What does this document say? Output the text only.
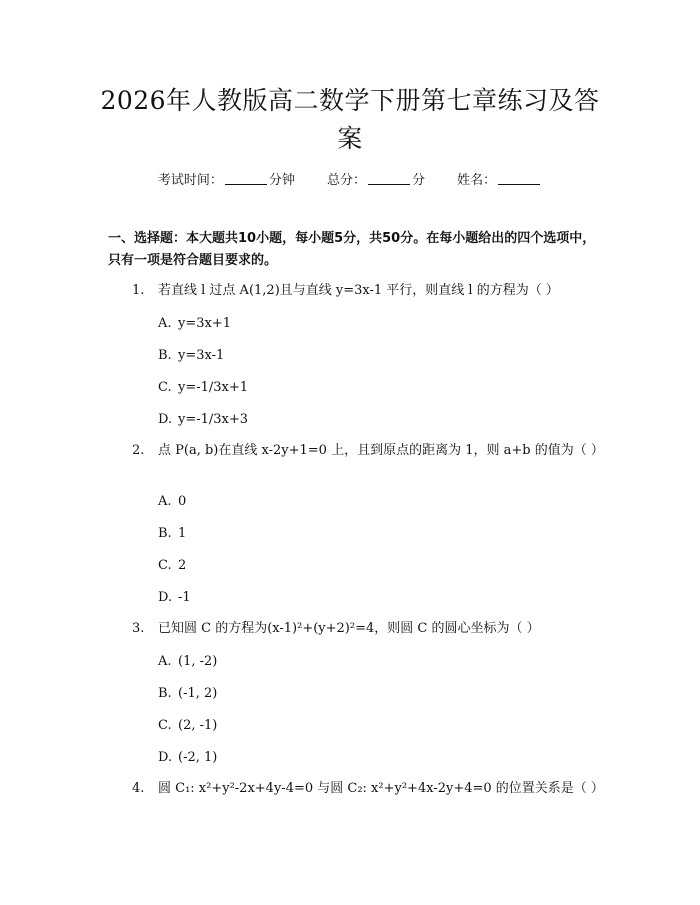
2026年人教版高二数学下册第七章练习及答案
考试时间：	分钟 总分：	分 姓名：
一、选择题：本大题共10小题，每小题5分，共50分。在每小题给出的四个选项中，只有一项是符合题目要求的。
1. 若直线 l 过点 A(1,2)且与直线 y=3x-1 平行，则直线 l 的方程为（ ）
A. y=3x+1
B. y=3x-1
C. y=-1/3x+1
D. y=-1/3x+3
2. 点 P(a, b)在直线 x-2y+1=0 上，且到原点的距离为 1，则 a+b 的值为（ ）
A. 0
B. 1
C. 2
D. -1
3. 已知圆 C 的方程为(x-1)²+(y+2)²=4，则圆 C 的圆心坐标为（ ）
A. (1, -2)
B. (-1, 2)
C. (2, -1)
D. (-2, 1)
4. 圆 C₁: x²+y²-2x+4y-4=0 与圆 C₂: x²+y²+4x-2y+4=0 的位置关系是（ ）
